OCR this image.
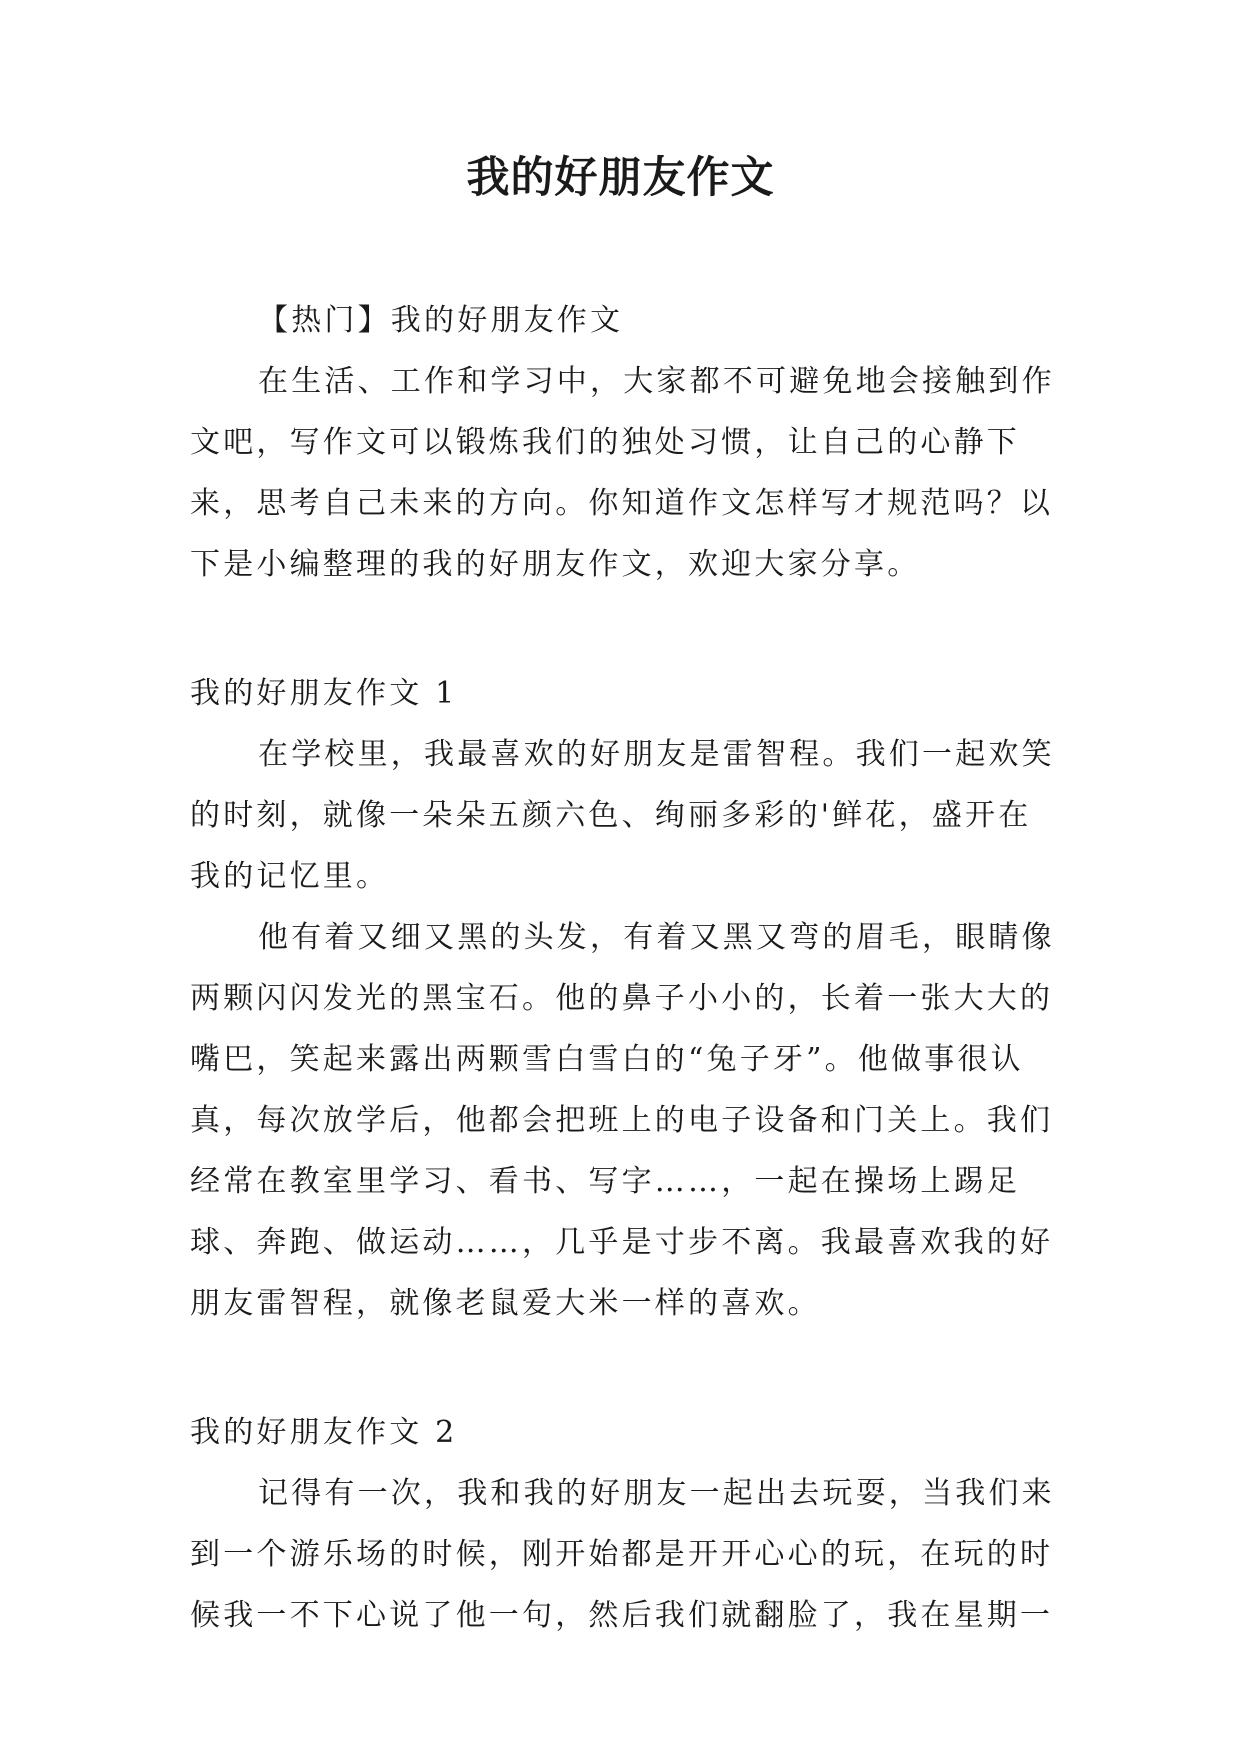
我的好朋友作文

【热门】我的好朋友作文

在生活、工作和学习中，大家都不可避免地会接触到作文吧，写作文可以锻炼我们的独处习惯，让自己的心静下来，思考自己未来的方向。你知道作文怎样写才规范吗？以下是小编整理的我的好朋友作文，欢迎大家分享。

我的好朋友作文 1

在学校里，我最喜欢的好朋友是雷智程。我们一起欢笑的时刻，就像一朵朵五颜六色、绚丽多彩的'鲜花，盛开在我的记忆里。

他有着又细又黑的头发，有着又黑又弯的眉毛，眼睛像两颗闪闪发光的黑宝石。他的鼻子小小的，长着一张大大的嘴巴，笑起来露出两颗雪白雪白的“兔子牙”。他做事很认真，每次放学后，他都会把班上的电子设备和门关上。我们经常在教室里学习、看书、写字……，一起在操场上踢足球、奔跑、做运动……，几乎是寸步不离。我最喜欢我的好朋友雷智程，就像老鼠爱大米一样的喜欢。

我的好朋友作文 2

记得有一次，我和我的好朋友一起出去玩耍，当我们来到一个游乐场的时候，刚开始都是开开心心的玩，在玩的时候我一不下心说了他一句，然后我们就翻脸了，我在星期一
